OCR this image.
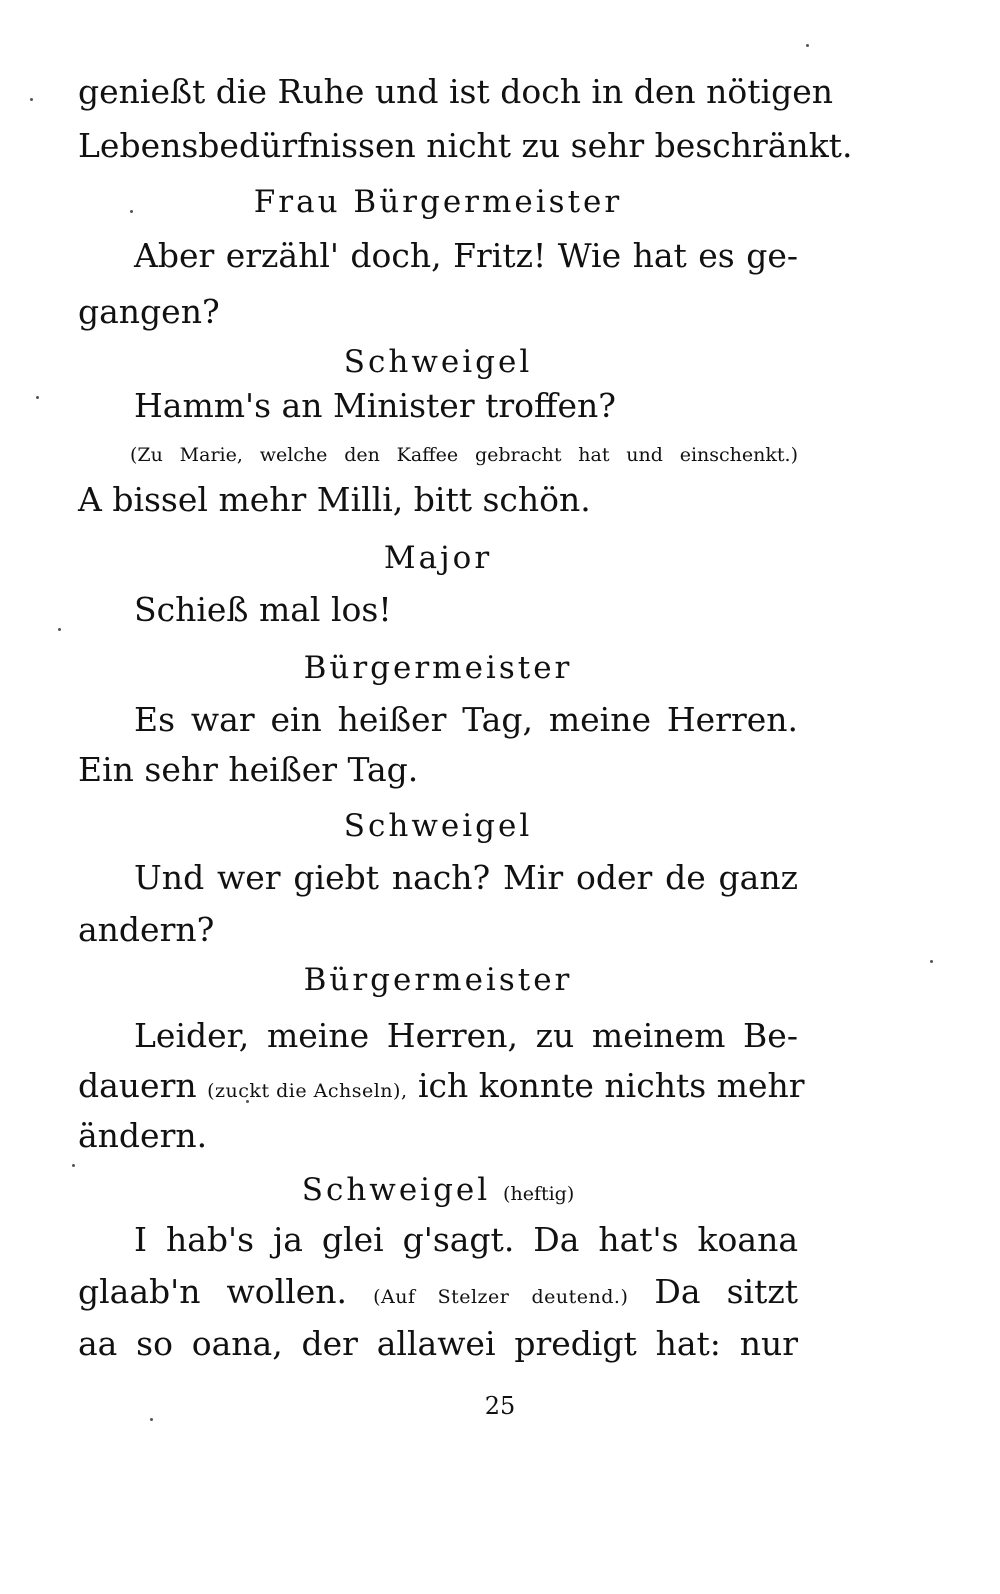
genießt die Ruhe und ist doch in den nötigen
Lebensbedürfnissen nicht zu sehr beschränkt.
Frau Bürgermeister
Aber erzähl' doch, Fritz! Wie hat es ge-
gangen?
Schweigel
Hamm's an Minister troffen?
(Zu Marie, welche den Kaffee gebracht hat und einschenkt.)
A bissel mehr Milli, bitt schön.
Major
Schieß mal los!
Bürgermeister
Es war ein heißer Tag, meine Herren.
Ein sehr heißer Tag.
Schweigel
Und wer giebt nach? Mir oder de ganz
andern?
Bürgermeister
Leider, meine Herren, zu meinem Be-
dauern (zuckt die Achseln), ich konnte nichts mehr
ändern.
Schweigel (heftig)
I hab's ja glei g'sagt. Da hat's koana
glaab'n wollen. (Auf Stelzer deutend.) Da sitzt
aa so oana, der allawei predigt hat: nur
25
